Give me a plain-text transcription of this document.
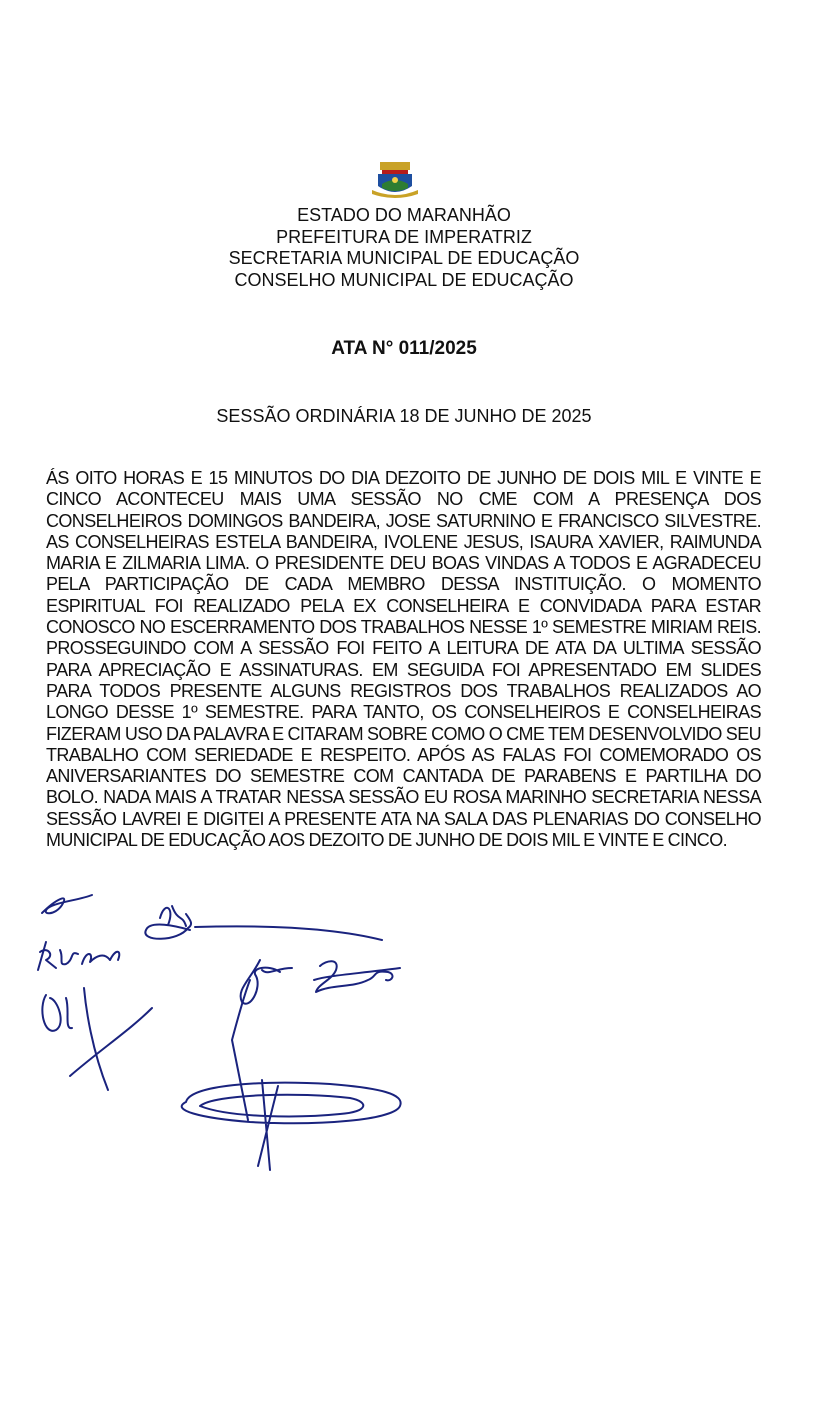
ESTADO DO MARANHÃO
PREFEITURA DE IMPERATRIZ
SECRETARIA MUNICIPAL DE EDUCAÇÃO
CONSELHO MUNICIPAL DE EDUCAÇÃO
ATA N° 011/2025
SESSÃO ORDINÁRIA 18 DE JUNHO DE 2025
ÁS OITO HORAS E 15 MINUTOS DO DIA DEZOITO DE JUNHO DE DOIS MIL E VINTE E CINCO ACONTECEU MAIS UMA SESSÃO NO CME COM A PRESENÇA DOS CONSELHEIROS DOMINGOS BANDEIRA, JOSE SATURNINO E FRANCISCO SILVESTRE. AS CONSELHEIRAS ESTELA BANDEIRA, IVOLENE JESUS, ISAURA XAVIER, RAIMUNDA MARIA E ZILMARIA LIMA. O PRESIDENTE DEU BOAS VINDAS A TODOS E AGRADECEU PELA PARTICIPAÇÃO DE CADA MEMBRO DESSA INSTITUIÇÃO. O MOMENTO ESPIRITUAL FOI REALIZADO PELA EX CONSELHEIRA E CONVIDADA PARA ESTAR CONOSCO NO ESCERRAMENTO DOS TRABALHOS NESSE 1º SEMESTRE MIRIAM REIS. PROSSEGUINDO COM A SESSÃO FOI FEITO A LEITURA DE ATA DA ULTIMA SESSÃO PARA APRECIAÇÃO E ASSINATURAS. EM SEGUIDA FOI APRESENTADO EM SLIDES PARA TODOS PRESENTE ALGUNS REGISTROS DOS TRABALHOS REALIZADOS AO LONGO DESSE 1º SEMESTRE. PARA TANTO, OS CONSELHEIROS E CONSELHEIRAS FIZERAM USO DA PALAVRA E CITARAM SOBRE COMO O CME TEM DESENVOLVIDO SEU TRABALHO COM SERIEDADE E RESPEITO. APÓS AS FALAS FOI COMEMORADO OS ANIVERSARIANTES DO SEMESTRE COM CANTADA DE PARABENS E PARTILHA DO BOLO. NADA MAIS A TRATAR NESSA SESSÃO EU ROSA MARINHO SECRETARIA NESSA SESSÃO LAVREI E DIGITEI A PRESENTE ATA NA SALA DAS PLENARIAS DO CONSELHO MUNICIPAL DE EDUCAÇÃO AOS DEZOITO DE JUNHO DE DOIS MIL E VINTE E CINCO.
